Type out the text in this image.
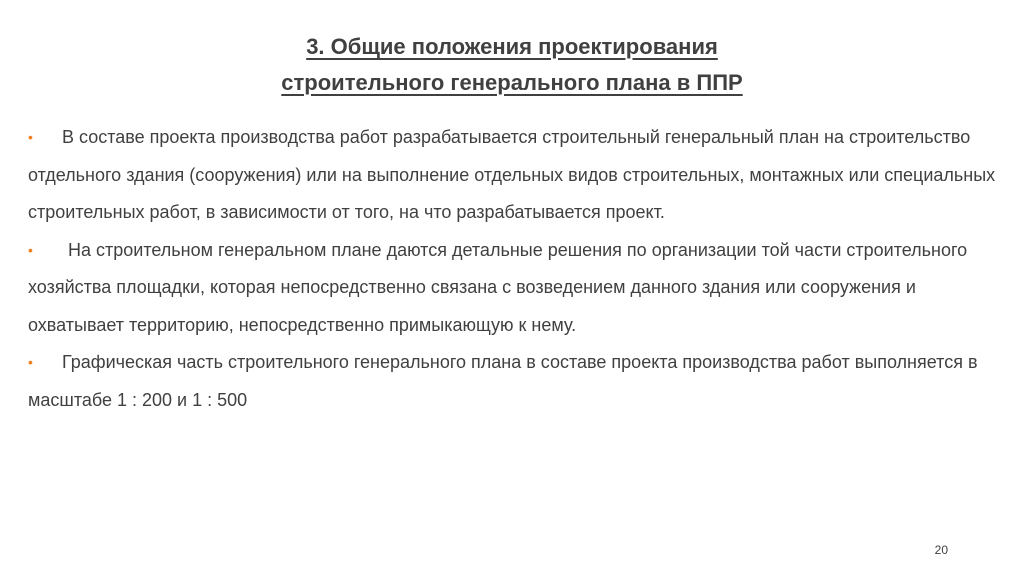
3. Общие положения проектирования
строительного генерального плана в ППР

• В составе проекта производства работ разрабатывается строительный генеральный план на строительство отдельного здания (сооружения) или на выполнение отдельных видов строительных, монтажных или специальных строительных работ, в зависимости от того, на что разрабатывается проект.

• На строительном генеральном плане даются детальные решения по организации той части строительного хозяйства площадки, которая непосредственно связана с возведением данного здания или сооружения и охватывает территорию, непосредственно примыкающую к нему.

• Графическая часть строительного генерального плана в составе проекта производства работ выполняется в масштабе 1 : 200 и 1 : 500

20
